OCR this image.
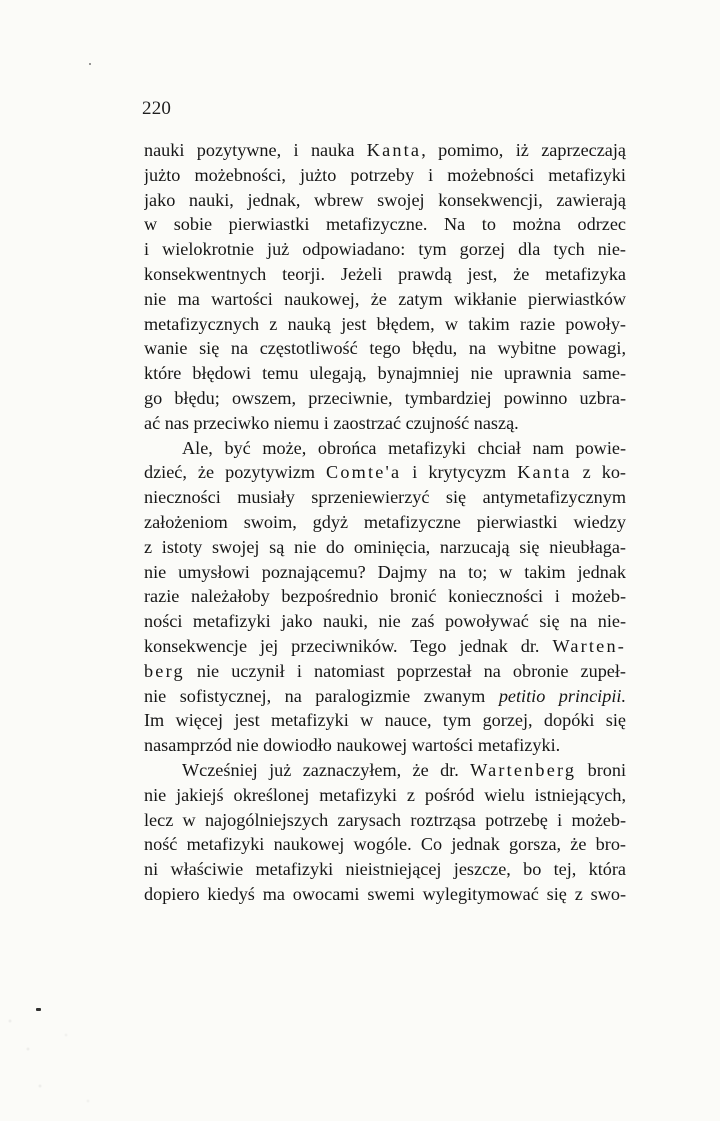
220
nauki pozytywne, i nauka Kanta, pomimo, iż zaprzeczają
jużto możebności, jużto potrzeby i możebności metafizyki
jako nauki, jednak, wbrew swojej konsekwencji, zawierają
w sobie pierwiastki metafizyczne. Na to można odrzec
i wielokrotnie już odpowiadano: tym gorzej dla tych nie-
konsekwentnych teorji. Jeżeli prawdą jest, że metafizyka
nie ma wartości naukowej, że zatym wikłanie pierwiastków
metafizycznych z nauką jest błędem, w takim razie powoły-
wanie się na częstotliwość tego błędu, na wybitne powagi,
które błędowi temu ulegają, bynajmniej nie uprawnia same-
go błędu; owszem, przeciwnie, tymbardziej powinno uzbra-
ać nas przeciwko niemu i zaostrzać czujność naszą.
Ale, być może, obrońca metafizyki chciał nam powie-
dzieć, że pozytywizm Comte'a i krytycyzm Kanta z ko-
nieczności musiały sprzeniewierzyć się antymetafizycznym
założeniom swoim, gdyż metafizyczne pierwiastki wiedzy
z istoty swojej są nie do ominięcia, narzucają się nieubłaga-
nie umysłowi poznającemu? Dajmy na to; w takim jednak
razie należałoby bezpośrednio bronić konieczności i możeb-
ności metafizyki jako nauki, nie zaś powoływać się na nie-
konsekwencje jej przeciwników. Tego jednak dr. Warten-
berg nie uczynił i natomiast poprzestał na obronie zupeł-
nie sofistycznej, na paralogizmie zwanym petitio principii.
Im więcej jest metafizyki w nauce, tym gorzej, dopóki się
nasamprzód nie dowiodło naukowej wartości metafizyki.
Wcześniej już zaznaczyłem, że dr. Wartenberg broni
nie jakiejś określonej metafizyki z pośród wielu istniejących,
lecz w najogólniejszych zarysach roztrząsa potrzebę i możeb-
ność metafizyki naukowej wogóle. Co jednak gorsza, że bro-
ni właściwie metafizyki nieistniejącej jeszcze, bo tej, która
dopiero kiedyś ma owocami swemi wylegitymować się z swo-
